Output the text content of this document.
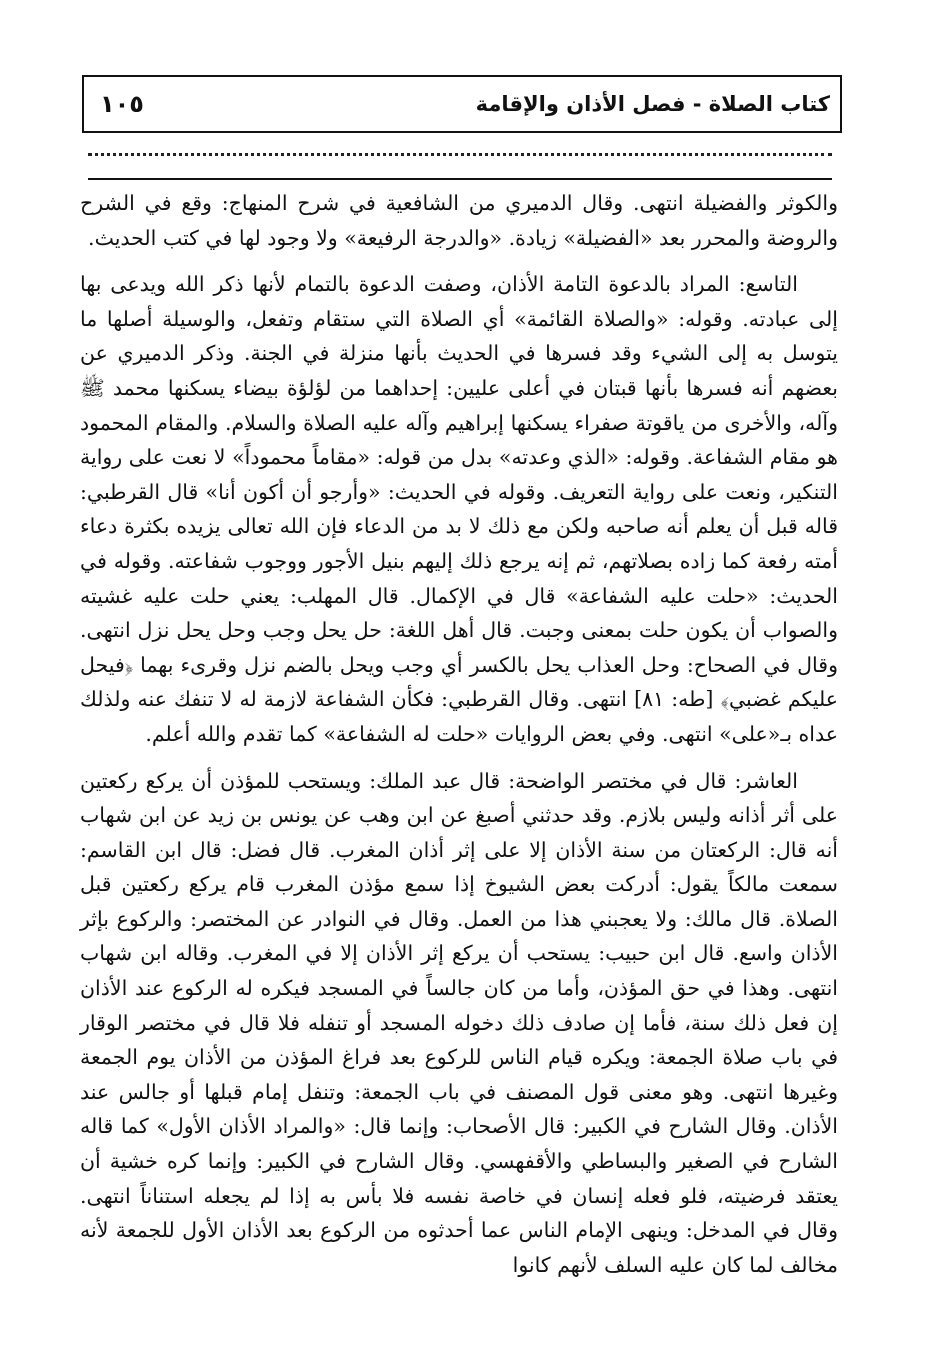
كتاب الصلاة - فصل الأذان والإقامة
١٠٥

والكوثر والفضيلة انتهى. وقال الدميري من الشافعية في شرح المنهاج: وقع في الشرح والروضة والمحرر بعد «الفضيلة» زيادة. «والدرجة الرفيعة» ولا وجود لها في كتب الحديث.

التاسع: المراد بالدعوة التامة الأذان، وصفت الدعوة بالتمام لأنها ذكر الله ويدعى بها إلى عبادته. وقوله: «والصلاة القائمة» أي الصلاة التي ستقام وتفعل، والوسيلة أصلها ما يتوسل به إلى الشيء وقد فسرها في الحديث بأنها منزلة في الجنة. وذكر الدميري عن بعضهم أنه فسرها بأنها قبتان في أعلى عليين: إحداهما من لؤلؤة بيضاء يسكنها محمد ﷺ وآله، والأخرى من ياقوتة صفراء يسكنها إبراهيم وآله عليه الصلاة والسلام. والمقام المحمود هو مقام الشفاعة. وقوله: «الذي وعدته» بدل من قوله: «مقاماً محموداً» لا نعت على رواية التنكير، ونعت على رواية التعريف. وقوله في الحديث: «وأرجو أن أكون أنا» قال القرطبي: قاله قبل أن يعلم أنه صاحبه ولكن مع ذلك لا بد من الدعاء فإن الله تعالى يزيده بكثرة دعاء أمته رفعة كما زاده بصلاتهم، ثم إنه يرجع ذلك إليهم بنيل الأجور ووجوب شفاعته. وقوله في الحديث: «حلت عليه الشفاعة» قال في الإكمال. قال المهلب: يعني حلت عليه غشيته والصواب أن يكون حلت بمعنى وجبت. قال أهل اللغة: حل يحل وجب وحل يحل نزل انتهى. وقال في الصحاح: وحل العذاب يحل بالكسر أي وجب ويحل بالضم نزل وقرىء بهما ﴿فيحل عليكم غضبي﴾ [طه: ٨١] انتهى. وقال القرطبي: فكأن الشفاعة لازمة له لا تنفك عنه ولذلك عداه بـ«على» انتهى. وفي بعض الروايات «حلت له الشفاعة» كما تقدم والله أعلم.

العاشر: قال في مختصر الواضحة: قال عبد الملك: ويستحب للمؤذن أن يركع ركعتين على أثر أذانه وليس بلازم. وقد حدثني أصبغ عن ابن وهب عن يونس بن زيد عن ابن شهاب أنه قال: الركعتان من سنة الأذان إلا على إثر أذان المغرب. قال فضل: قال ابن القاسم: سمعت مالكاً يقول: أدركت بعض الشيوخ إذا سمع مؤذن المغرب قام يركع ركعتين قبل الصلاة. قال مالك: ولا يعجبني هذا من العمل. وقال في النوادر عن المختصر: والركوع بإثر الأذان واسع. قال ابن حبيب: يستحب أن يركع إثر الأذان إلا في المغرب. وقاله ابن شهاب انتهى. وهذا في حق المؤذن، وأما من كان جالساً في المسجد فيكره له الركوع عند الأذان إن فعل ذلك سنة، فأما إن صادف ذلك دخوله المسجد أو تنفله فلا قال في مختصر الوقار في باب صلاة الجمعة: ويكره قيام الناس للركوع بعد فراغ المؤذن من الأذان يوم الجمعة وغيرها انتهى. وهو معنى قول المصنف في باب الجمعة: وتنفل إمام قبلها أو جالس عند الأذان. وقال الشارح في الكبير: قال الأصحاب: وإنما قال: «والمراد الأذان الأول» كما قاله الشارح في الصغير والبساطي والأقفهسي. وقال الشارح في الكبير: وإنما كره خشية أن يعتقد فرضيته، فلو فعله إنسان في خاصة نفسه فلا بأس به إذا لم يجعله استناناً انتهى. وقال في المدخل: وينهى الإمام الناس عما أحدثوه من الركوع بعد الأذان الأول للجمعة لأنه مخالف لما كان عليه السلف لأنهم كانوا
